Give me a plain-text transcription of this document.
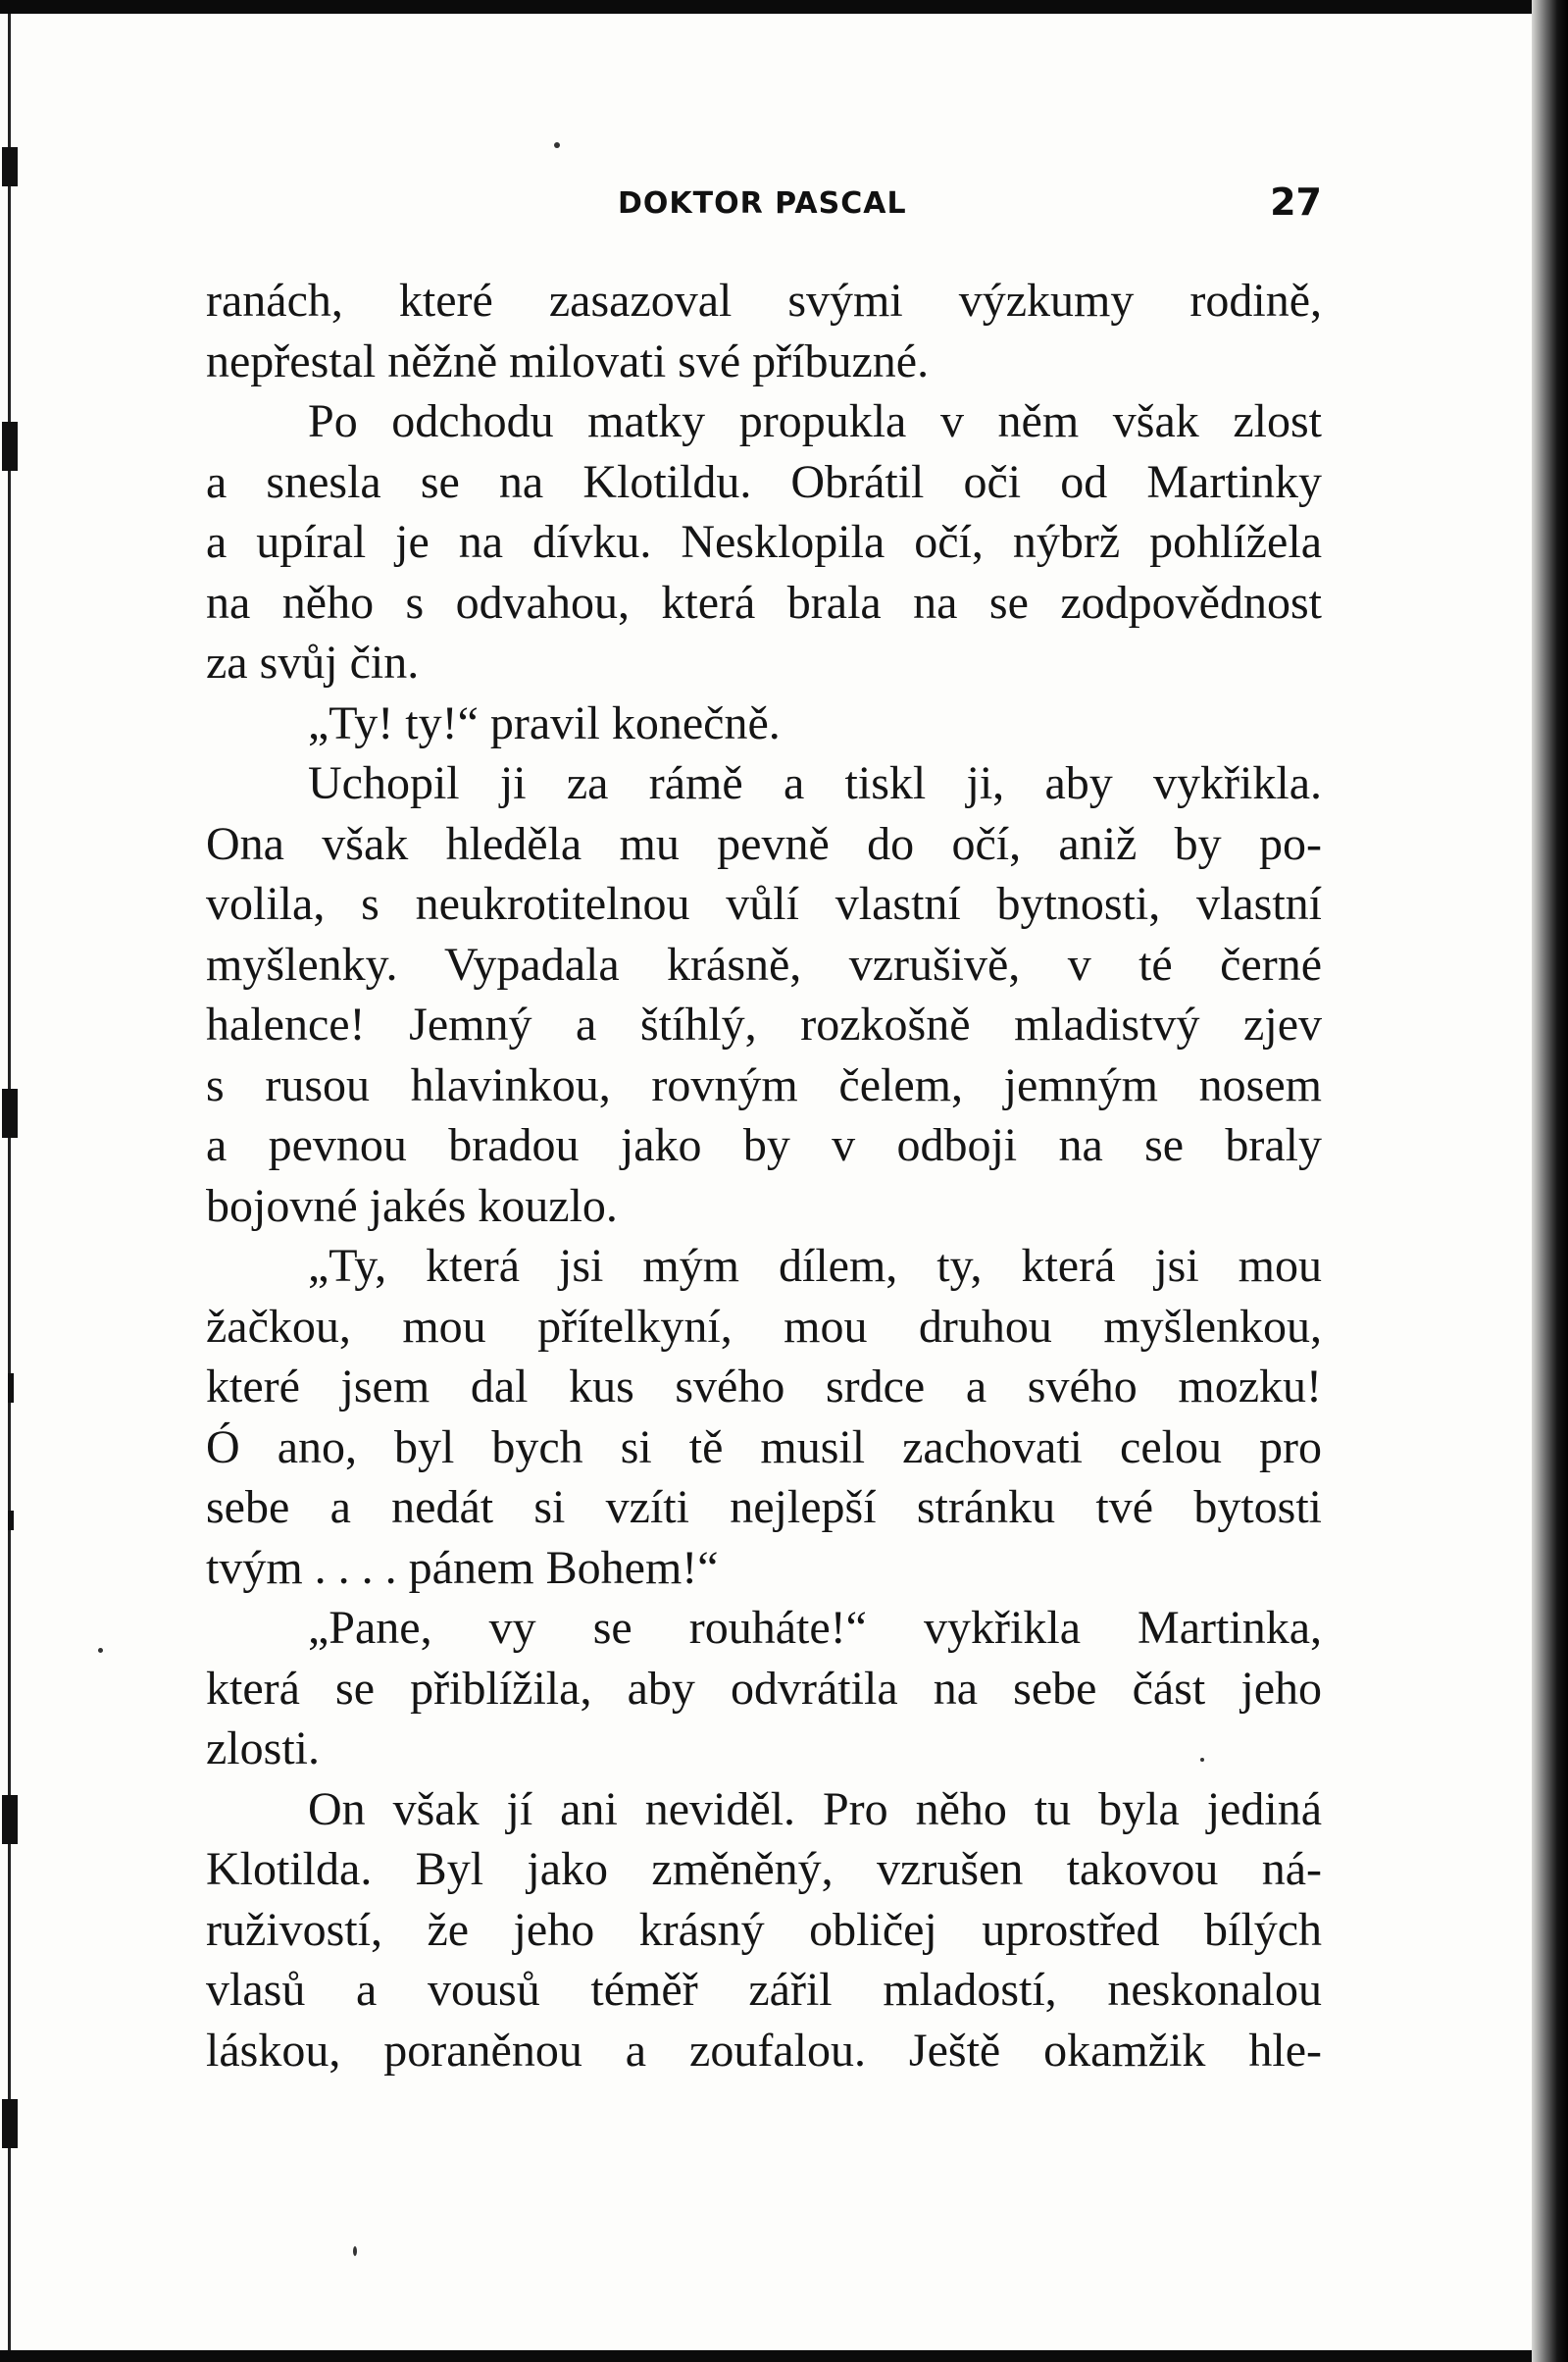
DOKTOR PASCAL	27
ranách, které zasazoval svými výzkumy rodině,
nepřestal něžně milovati své příbuzné.
Po odchodu matky propukla v něm však zlost
a snesla se na Klotildu. Obrátil oči od Martinky
a upíral je na dívku. Nesklopila očí, nýbrž pohlížela
na něho s odvahou, která brala na se zodpovědnost
za svůj čin.
„Ty! ty!“ pravil konečně.
Uchopil ji za rámě a tiskl ji, aby vykřikla.
Ona však hleděla mu pevně do očí, aniž by po-
volila, s neukrotitelnou vůlí vlastní bytnosti, vlastní
myšlenky. Vypadala krásně, vzrušivě, v té černé
halence! Jemný a štíhlý, rozkošně mladistvý zjev
s rusou hlavinkou, rovným čelem, jemným nosem
a pevnou bradou jako by v odboji na se braly
bojovné jakés kouzlo.
„Ty, která jsi mým dílem, ty, která jsi mou
žačkou, mou přítelkyní, mou druhou myšlenkou,
které jsem dal kus svého srdce a svého mozku!
Ó ano, byl bych si tě musil zachovati celou pro
sebe a nedát si vzíti nejlepší stránku tvé bytosti
tvým . . . . pánem Bohem!“
„Pane, vy se rouháte!“ vykřikla Martinka,
která se přiblížila, aby odvrátila na sebe část jeho
zlosti.
On však jí ani neviděl. Pro něho tu byla jediná
Klotilda. Byl jako změněný, vzrušen takovou ná-
ruživostí, že jeho krásný obličej uprostřed bílých
vlasů a vousů téměř zářil mladostí, neskonalou
láskou, poraněnou a zoufalou. Ještě okamžik hle-
